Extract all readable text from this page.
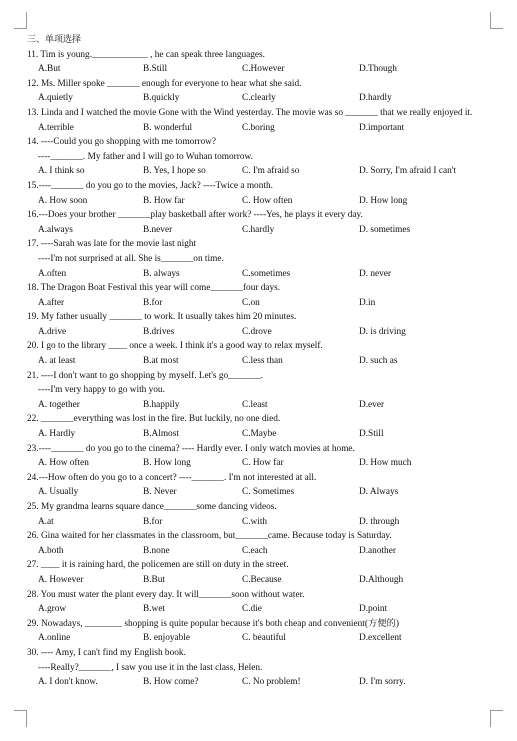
三、单项选择
11. Tim is young.____________ , he can speak three languages.
A.But	B.Still	C.However	D.Though
12. Ms. Miller spoke _______ enough for everyone to hear what she said.
A.quietly	B.quickly	C.clearly	D.hardly
13. Linda and I watched the movie Gone with the Wind yesterday. The movie was so _______ that we really enjoyed it.
A.terrible	B. wonderful	C.boring	D.important
14. ----Could you go shopping with me tomorrow?
----_______. My father and I will go to Wuhan tomorrow.
A. I think so	B. Yes, I hope so	C. I'm afraid so	D. Sorry, I'm afraid I can't
15.----_______ do you go to the movies, Jack? ----Twice a month.
A. How soon	B. How far	C. How often	D. How long
16.---Does your brother _______play basketball after work? ----Yes, he plays it every day.
A.always	B.never	C.hardly	D. sometimes
17. ----Sarah was late for the movie last night
----I'm not surprised at all. She is_______on time.
A.often	B. always	C.sometimes	D. never
18. The Dragon Boat Festival this year will come_______four days.
A.after	B.for	C.on	D.in
19. My father usually _______ to work. It usually takes him 20 minutes.
A.drive	B.drives	C.drove	D. is driving
20. I go to the library ____ once a week. I think it's a good way to relax myself.
A. at least	B.at most	C.less than	D. such as
21. ----I don't want to go shopping by myself. Let's go_______.
----I'm very happy to go with you.
A. together	B.happily	C.least	D.ever
22. _______everything was lost in the fire. But luckily, no one died.
A. Hardly	B.Almost	C.Maybe	D.Still
23.----_______ do you go to the cinema? ---- Hardly ever. I only watch movies at home.
A. How often	B. How long	C. How far	D. How much
24.---How often do you go to a concert? ----_______. I'm not interested at all.
A. Usually	B. Never	C. Sometimes	D. Always
25. My grandma learns square dance_______some dancing videos.
A.at	B.for	C.with	D. through
26. Gina waited for her classmates in the classroom, but_______came. Because today is Saturday.
A.both	B.none	C.each	D.another
27. ____ it is raining hard, the policemen are still on duty in the street.
A. However	B.But	C.Because	D.Although
28. You must water the plant every day. It will_______soon without water.
A.grow	B.wet	C.die	D.point
29. Nowadays, ________ shopping is quite popular because it's both cheap and convenient(方便的)
A.online	B. enjoyable	C. beautiful	D.excellent
30. ---- Amy, I can't find my English book.
----Really?_______, I saw you use it in the last class, Helen.
A. I don't know.	B. How come?	C. No problem!	D. I'm sorry.
